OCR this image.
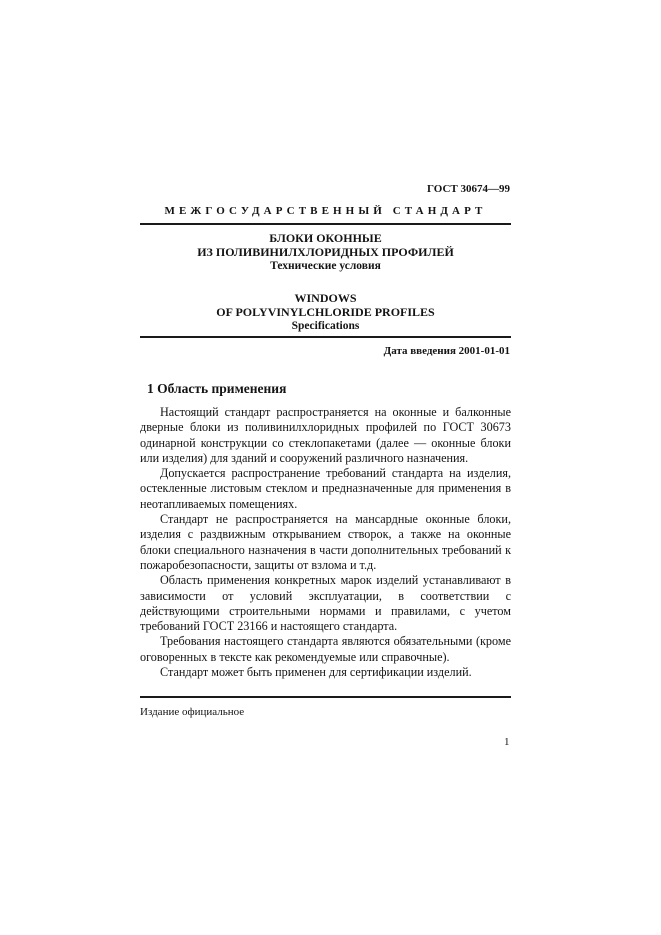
ГОСТ 30674—99
МЕЖГОСУДАРСТВЕННЫЙ СТАНДАРТ
БЛОКИ ОКОННЫЕ
ИЗ ПОЛИВИНИЛХЛОРИДНЫХ ПРОФИЛЕЙ
Технические условия
WINDOWS
OF POLYVINYLCHLORIDE PROFILES
Specifications
Дата введения 2001-01-01
1 Область применения

Настоящий стандарт распространяется на оконные и балконные дверные блоки из поливинилхлоридных профилей по ГОСТ 30673 одинарной конструкции со стеклопакетами (далее — оконные блоки или изделия) для зданий и сооружений различного назначения.

Допускается распространение требований стандарта на изделия, остекленные листовым стеклом и предназначенные для применения в неотапливаемых помещениях.

Стандарт не распространяется на мансардные оконные блоки, изделия с раздвижным открыванием створок, а также на оконные блоки специального назначения в части дополнительных требований к пожаробезопасности, защиты от взлома и т.д.

Область применения конкретных марок изделий устанавливают в зависимости от условий эксплуатации, в соответствии с действующими строительными нормами и правилами, с учетом требований ГОСТ 23166 и настоящего стандарта.

Требования настоящего стандарта являются обязательными (кроме оговоренных в тексте как рекомендуемые или справочные).

Стандарт может быть применен для сертификации изделий.

Издание официальное
1
